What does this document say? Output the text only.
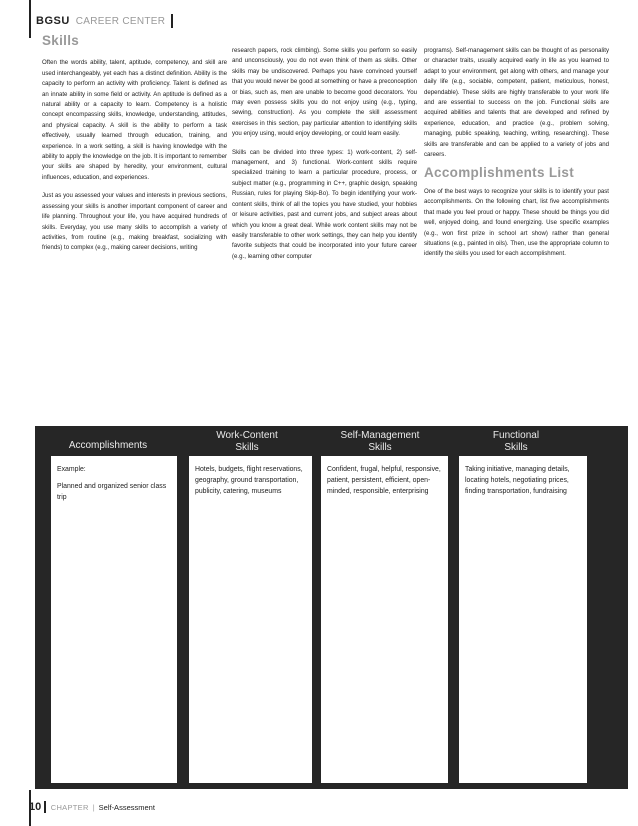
BGSU CAREER CENTER
Skills

Often the words ability, talent, aptitude, competency, and skill are used interchangeably, yet each has a distinct definition. Ability is the capacity to perform an activity with proficiency. Talent is defined as an innate ability in some field or activity. An aptitude is defined as a natural ability or a capacity to learn. Competency is a holistic concept encompassing skills, knowledge, understanding, attitudes, and physical capacity. A skill is the ability to perform a task effectively, usually learned through education, training, and experience. In a work setting, a skill is having knowledge with the ability to apply the knowledge on the job. It is important to remember your skills are shaped by heredity, your environment, cultural influences, education, and experiences.

Just as you assessed your values and interests in previous sections, assessing your skills is another important component of career and life planning. Throughout your life, you have acquired hundreds of skills. Everyday, you use many skills to accomplish a variety of activities, from routine (e.g., making breakfast, socializing with friends) to complex (e.g., making career decisions, writing

research papers, rock climbing). Some skills you perform so easily and unconsciously, you do not even think of them as skills. Other skills may be undiscovered. Perhaps you have convinced yourself that you would never be good at something or have a preconception or bias, such as, men are unable to become good decorators. You may even possess skills you do not enjoy using (e.g., typing, sewing, construction). As you complete the skill assessment exercises in this section, pay particular attention to identifying skills you enjoy using, would enjoy developing, or could learn easily.

Skills can be divided into three types: 1) work-content, 2) self-management, and 3) functional. Work-content skills require specialized training to learn a particular procedure, process, or subject matter (e.g., programming in C++, graphic design, speaking Russian, rules for playing Skip-Bo). To begin identifying your work-content skills, think of all the topics you have studied, your hobbies or leisure activities, past and current jobs, and subject areas about which you know a great deal. While work content skills may not be easily transferable to other work settings, they can help you identify favorite subjects that could be incorporated into your future career (e.g., learning other computer

programs). Self-management skills can be thought of as personality or character traits, usually acquired early in life as you learned to adapt to your environment, get along with others, and manage your daily life (e.g., sociable, competent, patient, meticulous, honest, dependable). These skills are highly transferable to your work life and are essential to success on the job. Functional skills are acquired abilities and talents that are developed and refined by experience, education, and practice (e.g., problem solving, managing, public speaking, teaching, writing, researching). These skills are transferable and can be applied to a variety of jobs and careers.

Accomplishments List

One of the best ways to recognize your skills is to identify your past accomplishments. On the following chart, list five accomplishments that made you feel proud or happy. These should be things you did well, enjoyed doing, and found energizing. Use specific examples (e.g., won first prize in school art show) rather than general situations (e.g., painted in oils). Then, use the appropriate column to identify the skills you used for each accomplishment.

Accomplishments
Work-Content
Skills
Self-Management
Skills
Functional
Skills

Example:

Planned and organized senior class trip

Hotels, budgets, flight reservations, geography, ground transportation, publicity, catering, museums

Confident, frugal, helpful, responsive, patient, persistent, efficient, open-minded, responsible, enterprising

Taking initiative, managing details, locating hotels, negotiating prices, finding transportation, fundraising

10 CHAPTER | Self-Assessment
